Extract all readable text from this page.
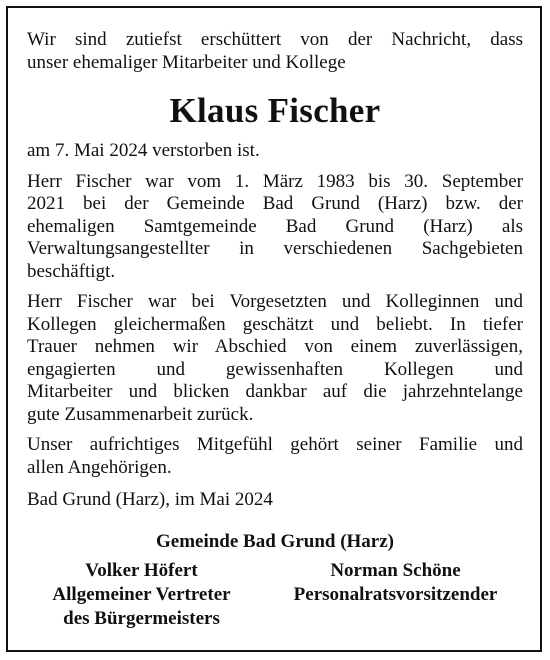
Wir sind zutiefst erschüttert von der Nachricht, dass
unser ehemaliger Mitarbeiter und Kollege
Klaus Fischer
am 7. Mai 2024 verstorben ist.
Herr Fischer war vom 1. März 1983 bis 30. September
2021 bei der Gemeinde Bad Grund (Harz) bzw. der
ehemaligen Samtgemeinde Bad Grund (Harz) als
Verwaltungsangestellter in verschiedenen Sachgebieten
beschäftigt.
Herr Fischer war bei Vorgesetzten und Kolleginnen und
Kollegen gleichermaßen geschätzt und beliebt. In tiefer
Trauer nehmen wir Abschied von einem zuverlässigen,
engagierten und gewissenhaften Kollegen und
Mitarbeiter und blicken dankbar auf die jahrzehntelange
gute Zusammenarbeit zurück.
Unser aufrichtiges Mitgefühl gehört seiner Familie und
allen Angehörigen.
Bad Grund (Harz), im Mai 2024
Gemeinde Bad Grund (Harz)
Volker Höfert
Allgemeiner Vertreter
des Bürgermeisters
Norman Schöne
Personalratsvorsitzender
